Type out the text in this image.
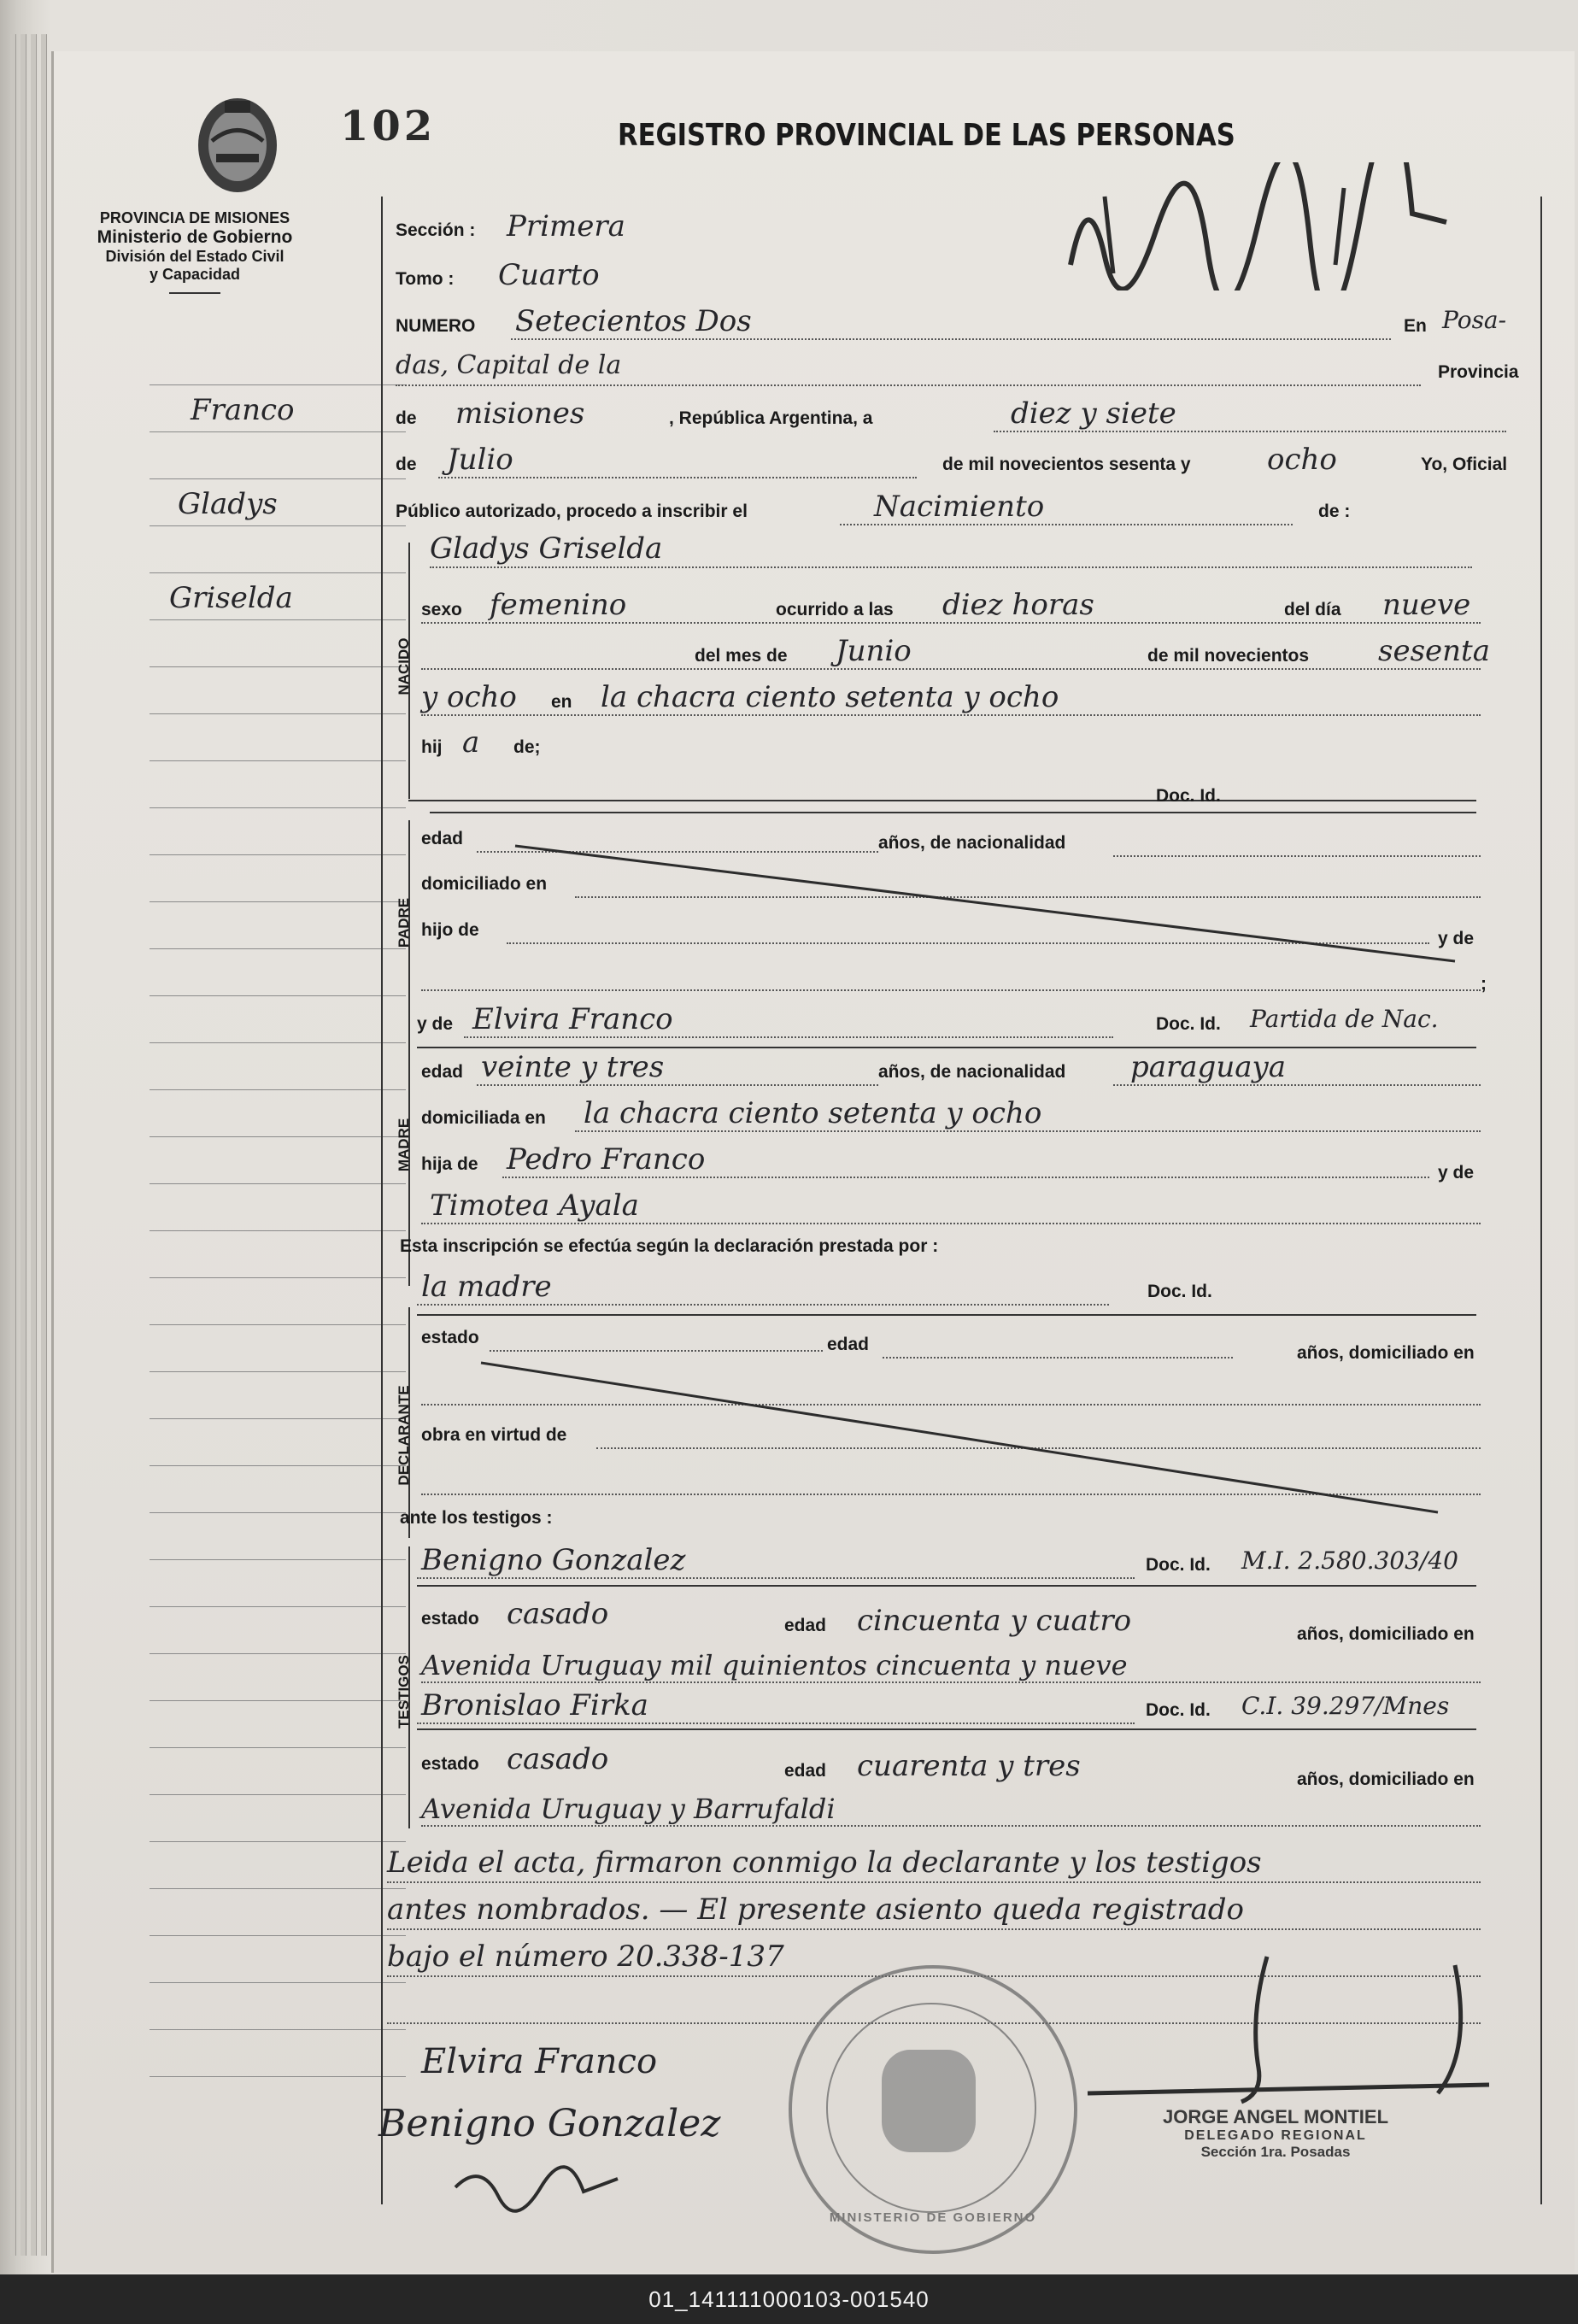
102	REGISTRO PROVINCIAL DE LAS PERSONAS
PROVINCIA DE MISIONES
Ministerio de Gobierno
División del Estado Civil
y Capacidad
Franco
Gladys
Griselda
Sección : Primera
Tomo : Cuarto
NUMERO Setecientos Dos	En Posa-
das, Capital de la	Provincia
de misiones	, República Argentina, a	diez y siete
de Julio	de mil novecientos sesenta y	ocho	Yo, Oficial
Público autorizado, procedo a inscribir el	Nacimiento	de :
NACIDO
Gladys Griselda
sexo femenino	ocurrido a las diez horas	del día nueve
del mes de Junio	de mil novecientos sesenta
y ocho en la chacra ciento setenta y ocho
hij a de;
PADRE
Doc. Id.
edad	años, de nacionalidad
domiciliado en
hijo de	y de
;
MADRE
y de Elvira Franco	Doc. Id. Partida de Nac.
edad veinte y tres	años, de nacionalidad paraguaya
domiciliada en la chacra ciento setenta y ocho
hija de Pedro Franco	y de
Timotea Ayala
Esta inscripción se efectúa según la declaración prestada por :
DECLARANTE
la madre	Doc. Id.
estado	edad	años, domiciliado en
obra en virtud de
ante los testigos :
TESTIGOS
Benigno Gonzalez	Doc. Id. M.I. 2.580.303/40
estado casado	edad cincuenta y cuatro	años, domiciliado en
Avenida Uruguay mil quinientos cincuenta y nueve
Bronislao Firka	Doc. Id. C.I. 39.297/Mnes
estado casado	edad cuarenta y tres	años, domiciliado en
Avenida Uruguay y Barrufaldi
Leida el acta, firmaron conmigo la declarante y los testigos
antes nombrados. — El presente asiento queda registrado
bajo el número 20.338-137
MINISTERIO DE GOBIERNO
Elvira Franco
Benigno Gonzalez	JORGE ANGEL MONTIEL
DELEGADO REGIONAL
Sección 1ra. Posadas
01_141111000103-001540
